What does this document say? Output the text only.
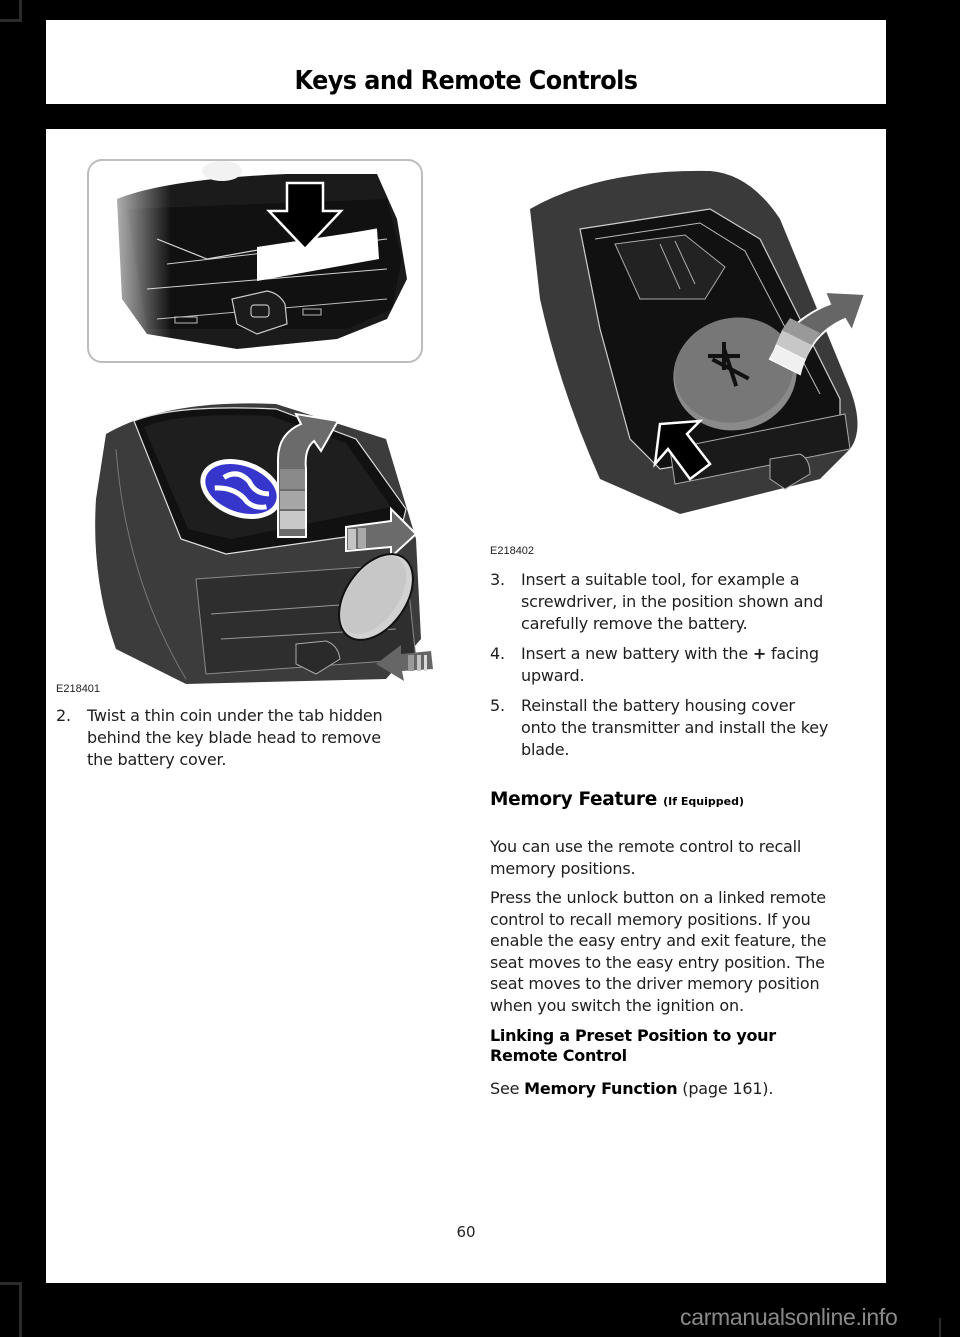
Keys and Remote Controls
E218401
E218402
2. Twist a thin coin under the tab hidden
behind the key blade head to remove
the battery cover.
3. Insert a suitable tool, for example a
screwdriver, in the position shown and
carefully remove the battery.
4. Insert a new battery with the + facing
upward.
5. Reinstall the battery housing cover
onto the transmitter and install the key
blade.
Memory Feature (If Equipped)
You can use the remote control to recall
memory positions.
Press the unlock button on a linked remote
control to recall memory positions. If you
enable the easy entry and exit feature, the
seat moves to the easy entry position. The
seat moves to the driver memory position
when you switch the ignition on.
Linking a Preset Position to your
Remote Control
See Memory Function (page 161).
60
carmanualsonline.info
